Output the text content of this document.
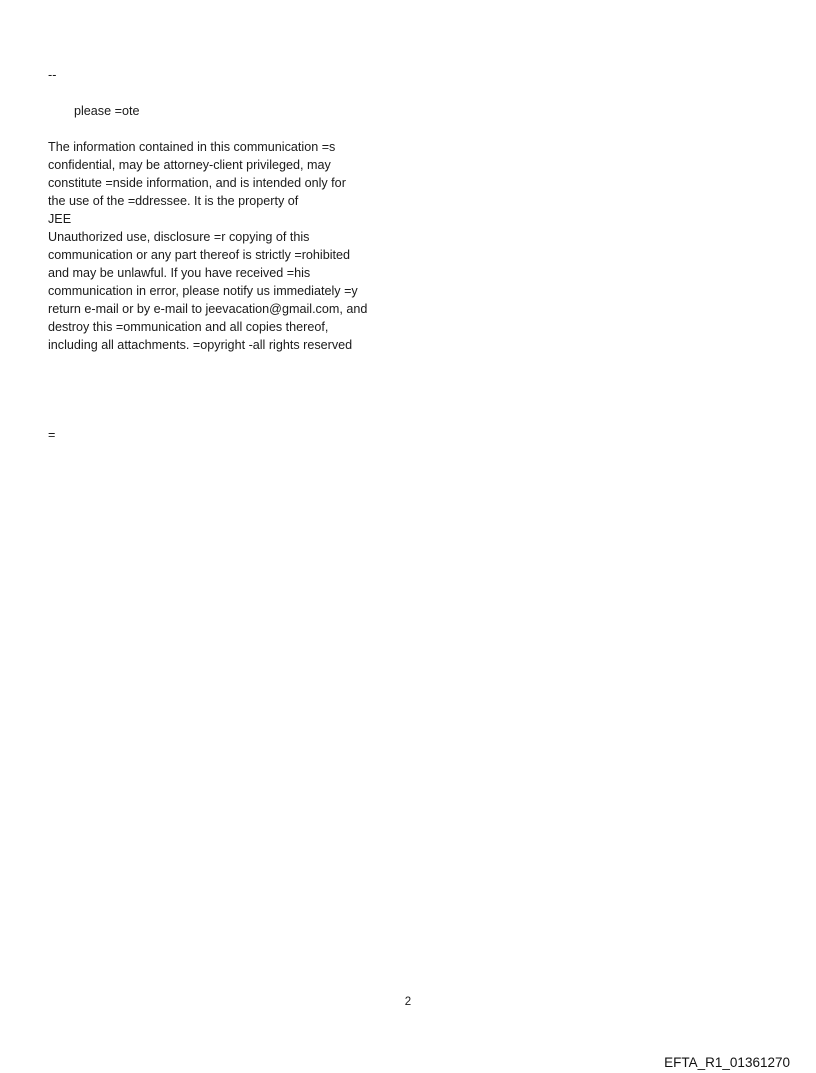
--

please =ote

The information contained in this communication =s
confidential, may be attorney-client privileged, may
constitute =nside information, and is intended only for
the use of the =ddressee. It is the property of
JEE
Unauthorized use, disclosure =r copying of this
communication or any part thereof is strictly =rohibited
and may be unlawful. If you have received =his
communication in error, please notify us immediately =y
return e-mail or by e-mail to jeevacation@gmail.com, and
destroy this =ommunication and all copies thereof,
including all attachments. =opyright -all rights reserved

=

2
EFTA_R1_01361270
